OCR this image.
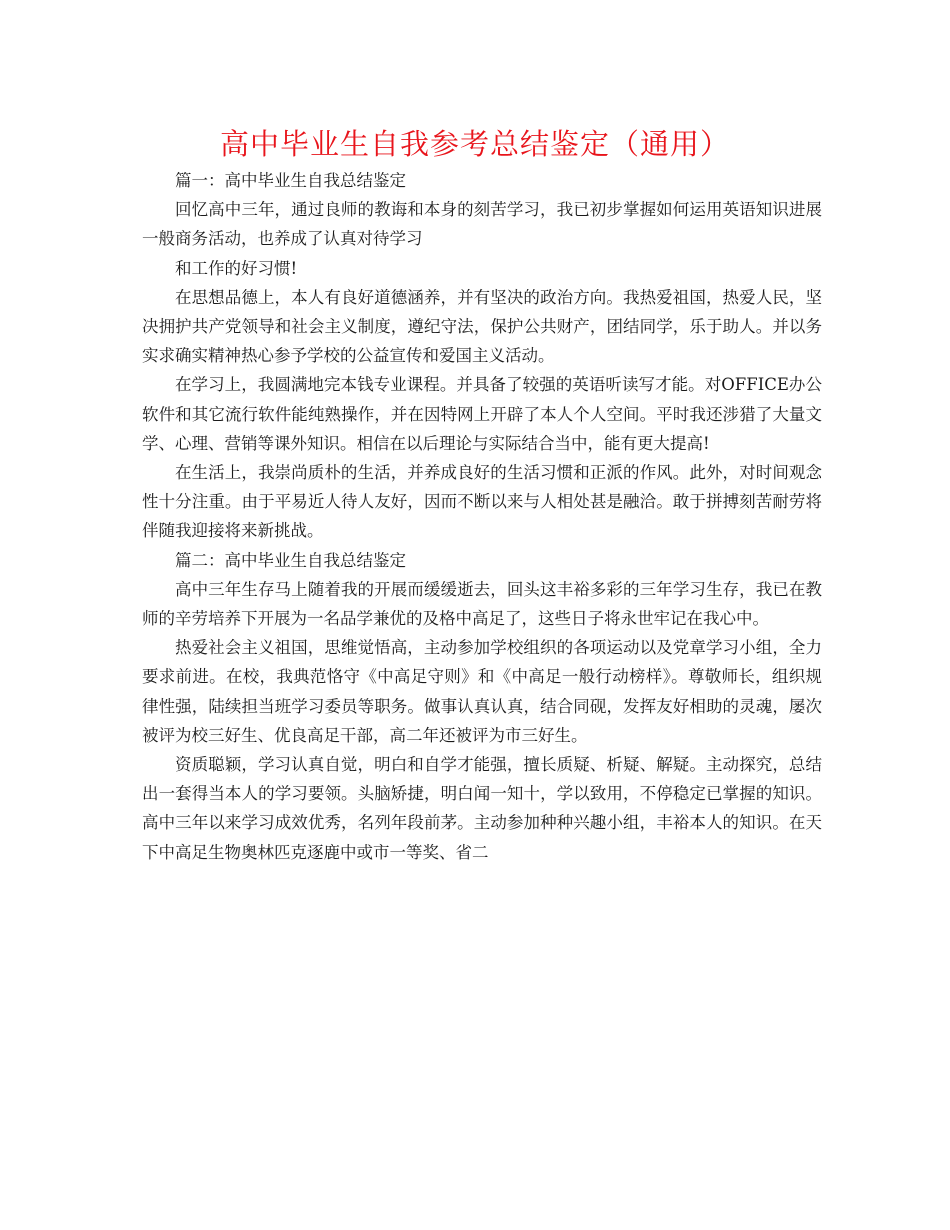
高中毕业生自我参考总结鉴定（通用）

篇一：高中毕业生自我总结鉴定

回忆高中三年，通过良师的教诲和本身的刻苦学习，我已初步掌握如何运用英语知识进展一般商务活动，也养成了认真对待学习

和工作的好习惯!

在思想品德上，本人有良好道德涵养，并有坚决的政治方向。我热爱祖国，热爱人民，坚决拥护共产党领导和社会主义制度，遵纪守法，保护公共财产，团结同学，乐于助人。并以务实求确实精神热心参予学校的公益宣传和爱国主义活动。

在学习上，我圆满地完本钱专业课程。并具备了较强的英语听读写才能。对OFFICE办公软件和其它流行软件能纯熟操作，并在因特网上开辟了本人个人空间。平时我还涉猎了大量文学、心理、营销等课外知识。相信在以后理论与实际结合当中，能有更大提高!

在生活上，我崇尚质朴的生活，并养成良好的生活习惯和正派的作风。此外，对时间观念性十分注重。由于平易近人待人友好，因而不断以来与人相处甚是融洽。敢于拼搏刻苦耐劳将伴随我迎接将来新挑战。

篇二：高中毕业生自我总结鉴定

高中三年生存马上随着我的开展而缓缓逝去，回头这丰裕多彩的三年学习生存，我已在教师的辛劳培养下开展为一名品学兼优的及格中高足了，这些日子将永世牢记在我心中。

热爱社会主义祖国，思维觉悟高，主动参加学校组织的各项运动以及党章学习小组，全力要求前进。在校，我典范恪守《中高足守则》和《中高足一般行动榜样》。尊敬师长，组织规律性强，陆续担当班学习委员等职务。做事认真认真，结合同砚，发挥友好相助的灵魂，屡次被评为校三好生、优良高足干部，高二年还被评为市三好生。

资质聪颖，学习认真自觉，明白和自学才能强，擅长质疑、析疑、解疑。主动探究，总结出一套得当本人的学习要领。头脑矫捷，明白闻一知十，学以致用，不停稳定已掌握的知识。高中三年以来学习成效优秀，名列年段前茅。主动参加种种兴趣小组，丰裕本人的知识。在天下中高足生物奥林匹克逐鹿中或市一等奖、省二
